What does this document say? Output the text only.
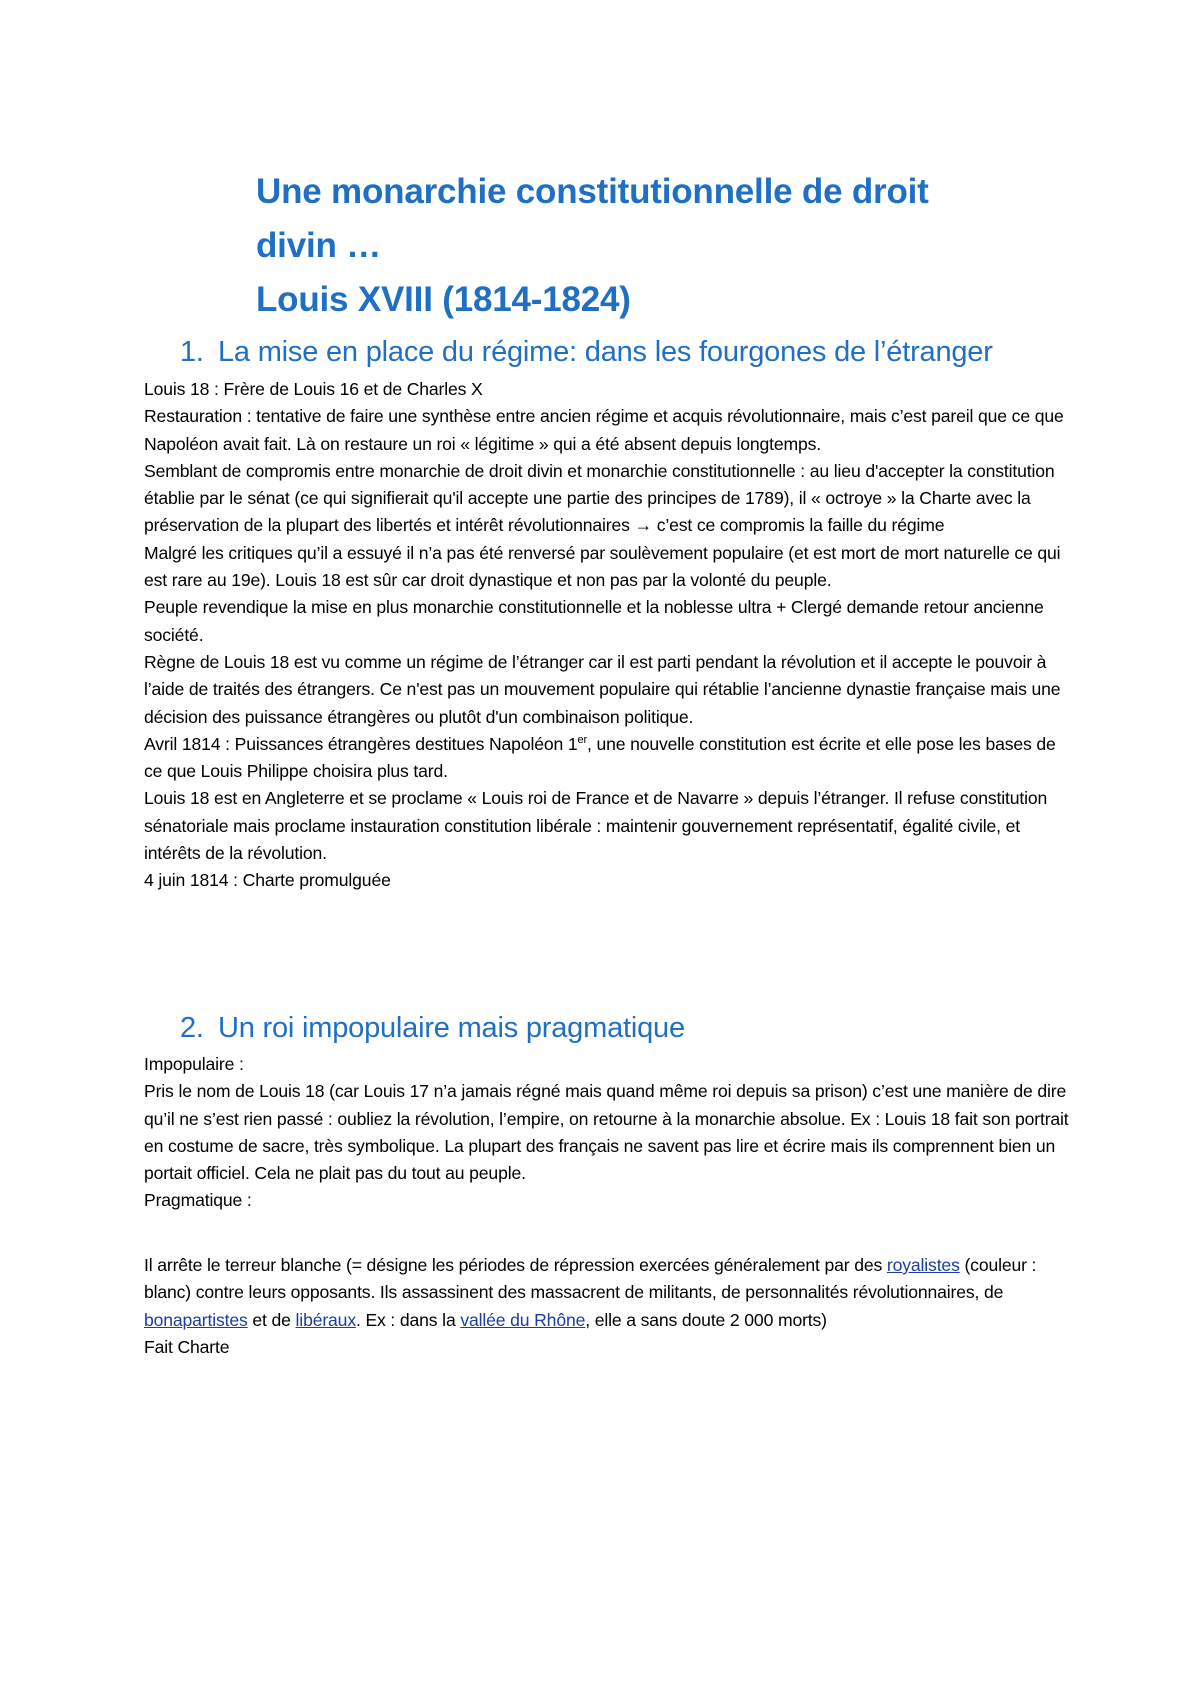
Une monarchie constitutionnelle de droit
divin …
Louis XVIII (1814-1824)
1. La mise en place du régime: dans les fourgones de l’étranger

Louis 18 : Frère de Louis 16 et de Charles X

Restauration : tentative de faire une synthèse entre ancien régime et acquis révolutionnaire, mais c’est pareil que ce que Napoléon avait fait. Là on restaure un roi « légitime » qui a été absent depuis longtemps.

Semblant de compromis entre monarchie de droit divin et monarchie constitutionnelle : au lieu d'accepter la constitution établie par le sénat (ce qui signifierait qu'il accepte une partie des principes de 1789), il « octroye » la Charte avec la préservation de la plupart des libertés et intérêt révolutionnaires → c’est ce compromis la faille du régime

Malgré les critiques qu’il a essuyé il n’a pas été renversé par soulèvement populaire (et est mort de mort naturelle ce qui est rare au 19e). Louis 18 est sûr car droit dynastique et non pas par la volonté du peuple.

Peuple revendique la mise en plus monarchie constitutionnelle et la noblesse ultra + Clergé demande retour ancienne société.

Règne de Louis 18 est vu comme un régime de l’étranger car il est parti pendant la révolution et il accepte le pouvoir à l’aide de traités des étrangers. Ce n'est pas un mouvement populaire qui rétablie l’ancienne dynastie française mais une décision des puissance étrangères ou plutôt d'un combinaison politique.

Avril 1814 : Puissances étrangères destitues Napoléon 1er, une nouvelle constitution est écrite et elle pose les bases de ce que Louis Philippe choisira plus tard.

Louis 18 est en Angleterre et se proclame « Louis roi de France et de Navarre » depuis l’étranger. Il refuse constitution sénatoriale mais proclame instauration constitution libérale : maintenir gouvernement représentatif, égalité civile, et intérêts de la révolution.

4 juin 1814 : Charte promulguée

2. Un roi impopulaire mais pragmatique

Impopulaire :

Pris le nom de Louis 18 (car Louis 17 n’a jamais régné mais quand même roi depuis sa prison) c’est une manière de dire qu’il ne s’est rien passé : oubliez la révolution, l’empire, on retourne à la monarchie absolue. Ex : Louis 18 fait son portrait en costume de sacre, très symbolique. La plupart des français ne savent pas lire et écrire mais ils comprennent bien un portait officiel. Cela ne plait pas du tout au peuple.

Pragmatique :

Il arrête le terreur blanche (= désigne les périodes de répression exercées généralement par des royalistes (couleur : blanc) contre leurs opposants. Ils assassinent des massacrent de militants, de personnalités révolutionnaires, de bonapartistes et de libéraux. Ex : dans la vallée du Rhône, elle a sans doute 2 000 morts)

Fait Charte
